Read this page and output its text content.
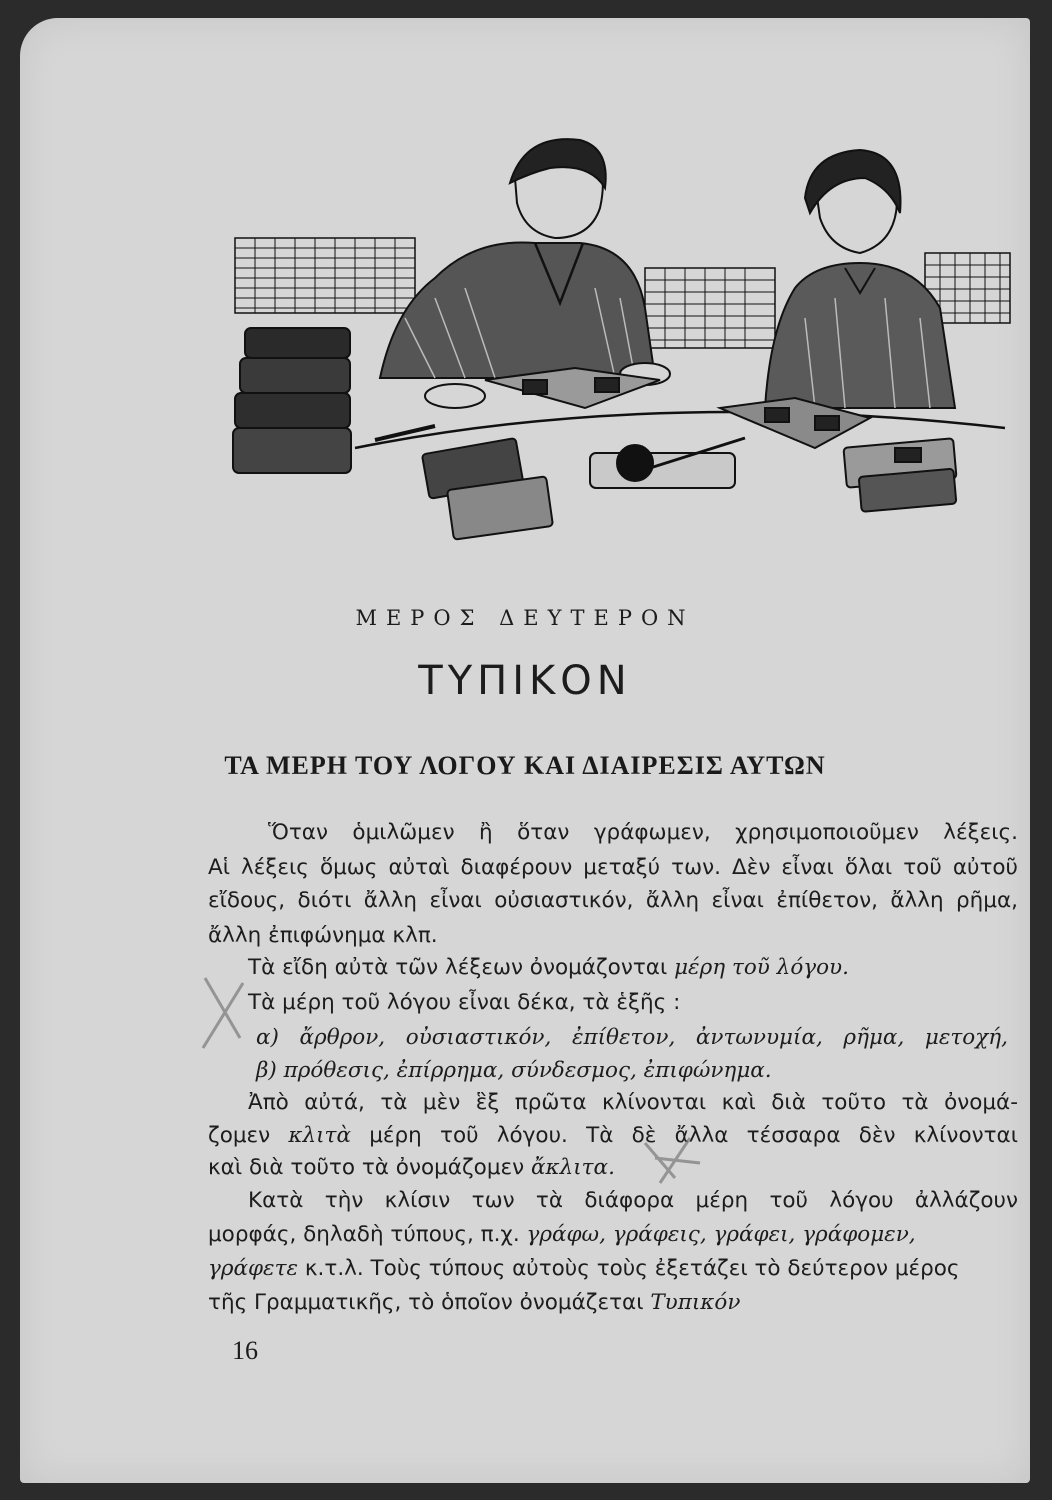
ΜΕΡΟΣ ΔΕΥΤΕΡΟΝ
ΤΥΠΙΚΟΝ
ΤΑ ΜΕΡΗ ΤΟΥ ΛΟΓΟΥ ΚΑΙ ΔΙΑΙΡΕΣΙΣ ΑΥΤΩΝ
Ὅταν ὁμιλῶμεν ἢ ὅταν γράφωμεν, χρησιμοποιοῦμεν λέξεις.
Αἱ λέξεις ὅμως αὐταὶ διαφέρουν μεταξύ των. Δὲν εἶναι ὅλαι τοῦ αὐτοῦ
εἴδους, διότι ἄλλη εἶναι οὐσιαστικόν, ἄλλη εἶναι ἐπίθετον, ἄλλη ρῆμα,
ἄλλη ἐπιφώνημα κλπ.
Τὰ εἴδη αὐτὰ τῶν λέξεων ὀνομάζονται μέρη τοῦ λόγου.
Τὰ μέρη τοῦ λόγου εἶναι δέκα, τὰ ἑξῆς :
α) ἄρθρον, οὐσιαστικόν, ἐπίθετον, ἀντωνυμία, ρῆμα, μετοχή,
β) πρόθεσις, ἐπίρρημα, σύνδεσμος, ἐπιφώνημα.
Ἀπὸ αὐτά, τὰ μὲν ἓξ πρῶτα κλίνονται καὶ διὰ τοῦτο τὰ ὀνομά-
ζομεν κλιτὰ μέρη τοῦ λόγου. Τὰ δὲ ἄλλα τέσσαρα δὲν κλίνονται
καὶ διὰ τοῦτο τὰ ὀνομάζομεν ἄκλιτα.
Κατὰ τὴν κλίσιν των τὰ διάφορα μέρη τοῦ λόγου ἀλλάζουν
μορφάς, δηλαδὴ τύπους, π.χ. γράφω, γράφεις, γράφει, γράφομεν,
γράφετε κ.τ.λ. Τοὺς τύπους αὐτοὺς τοὺς ἐξετάζει τὸ δεύτερον μέρος
τῆς Γραμματικῆς, τὸ ὁποῖον ὀνομάζεται Τυπικόν
16
